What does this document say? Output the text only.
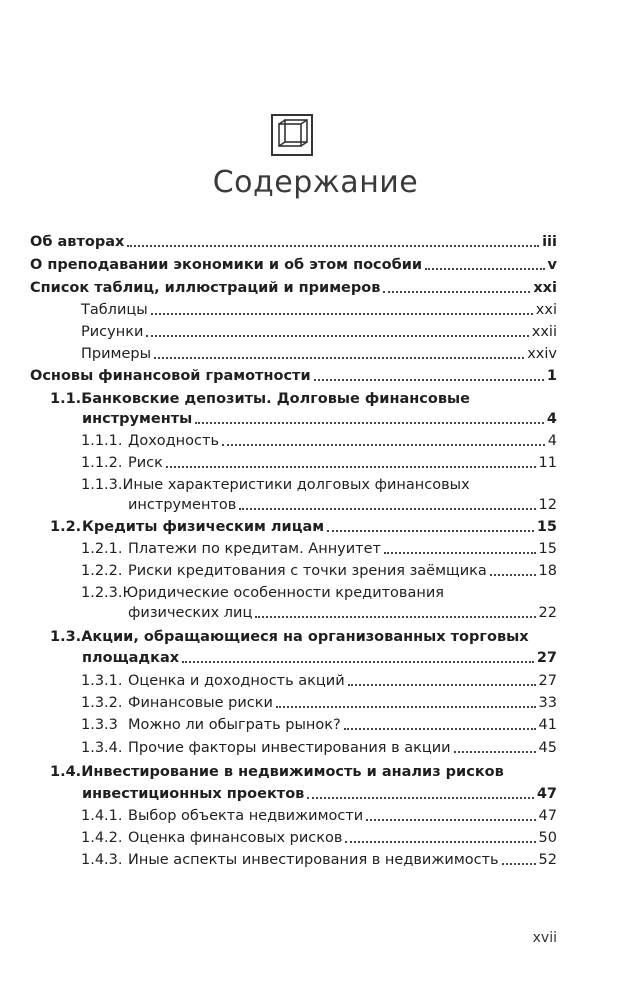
Содержание
Об авторах	iii
О преподавании экономики и об этом пособии	v
Список таблиц, иллюстраций и примеров	xxi
Таблицы	xxi
Рисунки	xxii
Примеры	xxiv
Основы финансовой грамотности	1
1.1.Банковские депозиты. Долговые финансовые
инструменты	4
1.1.1. Доходность	4
1.1.2. Риск	11
1.1.3.Иные характеристики долговых финансовых
инструментов	12
1.2. Кредиты физическим лицам	15
1.2.1. Платежи по кредитам. Аннуитет	15
1.2.2. Риски кредитования с точки зрения заёмщика	18
1.2.3.Юридические особенности кредитования
физических лиц	22
1.3.Акции, обращающиеся на организованных торговых
площадках	27
1.3.1. Оценка и доходность акций	27
1.3.2. Финансовые риски	33
1.3.3 Можно ли обыграть рынок?	41
1.3.4. Прочие факторы инвестирования в акции	45
1.4.Инвестирование в недвижимость и анализ рисков
инвестиционных проектов	47
1.4.1. Выбор объекта недвижимости	47
1.4.2. Оценка финансовых рисков	50
1.4.3. Иные аспекты инвестирования в недвижимость	52
xvii
